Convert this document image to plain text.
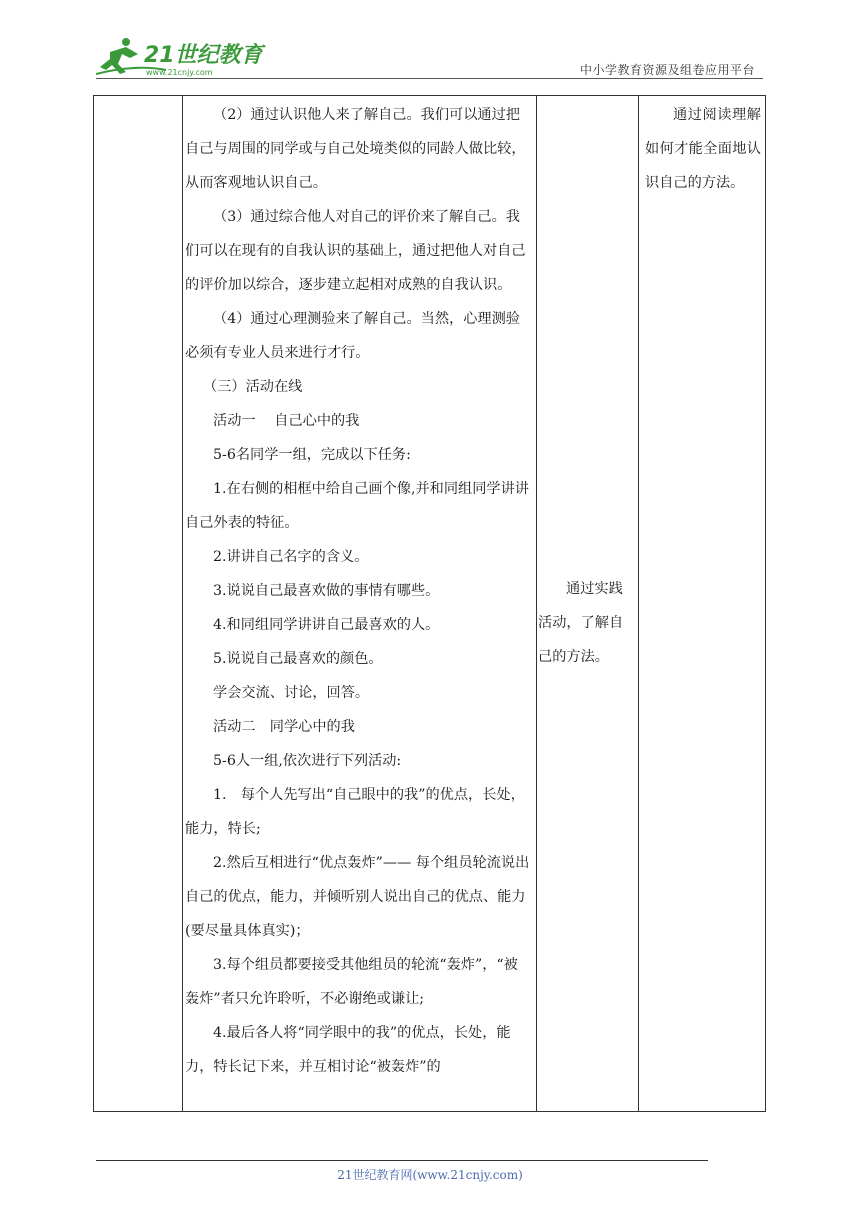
21世纪教育
www.21cnjy.com	中小学教育资源及组卷应用平台

（2）通过认识他人来了解自己。我们可以通过把自己与周围的同学或与自己处境类似的同龄人做比较，从而客观地认识自己。

（3）通过综合他人对自己的评价来了解自己。我们可以在现有的自我认识的基础上，通过把他人对自己的评价加以综合，逐步建立起相对成熟的自我认识。

（4）通过心理测验来了解自己。当然，心理测验必须有专业人员来进行才行。

（三）活动在线

活动一　 自己心中的我

5-6名同学一组，完成以下任务:

1.在右侧的相框中给自己画个像,并和同组同学讲讲自己外表的特征。

2.讲讲自己名字的含义。

3.说说自己最喜欢做的事情有哪些。

4.和同组同学讲讲自己最喜欢的人。

5.说说自己最喜欢的颜色。

学会交流、讨论，回答。

活动二　同学心中的我

5-6人一组,依次进行下列活动:

1.　每个人先写出“自己眼中的我”的优点，长处，能力，特长;

2.然后互相进行“优点轰炸”—— 每个组员轮流说出自己的优点，能力，并倾听别人说出自己的优点、能力(要尽量具体真实)；

3.每个组员都要接受其他组员的轮流“轰炸”，“被轰炸”者只允许聆听，不必谢绝或谦让;

4.最后各人将“同学眼中的我”的优点，长处，能力，特长记下来，并互相讨论“被轰炸”的

通过实践活动，了解自己的方法。

通过阅读理解如何才能全面地认识自己的方法。

21世纪教育网(www.21cnjy.com)
